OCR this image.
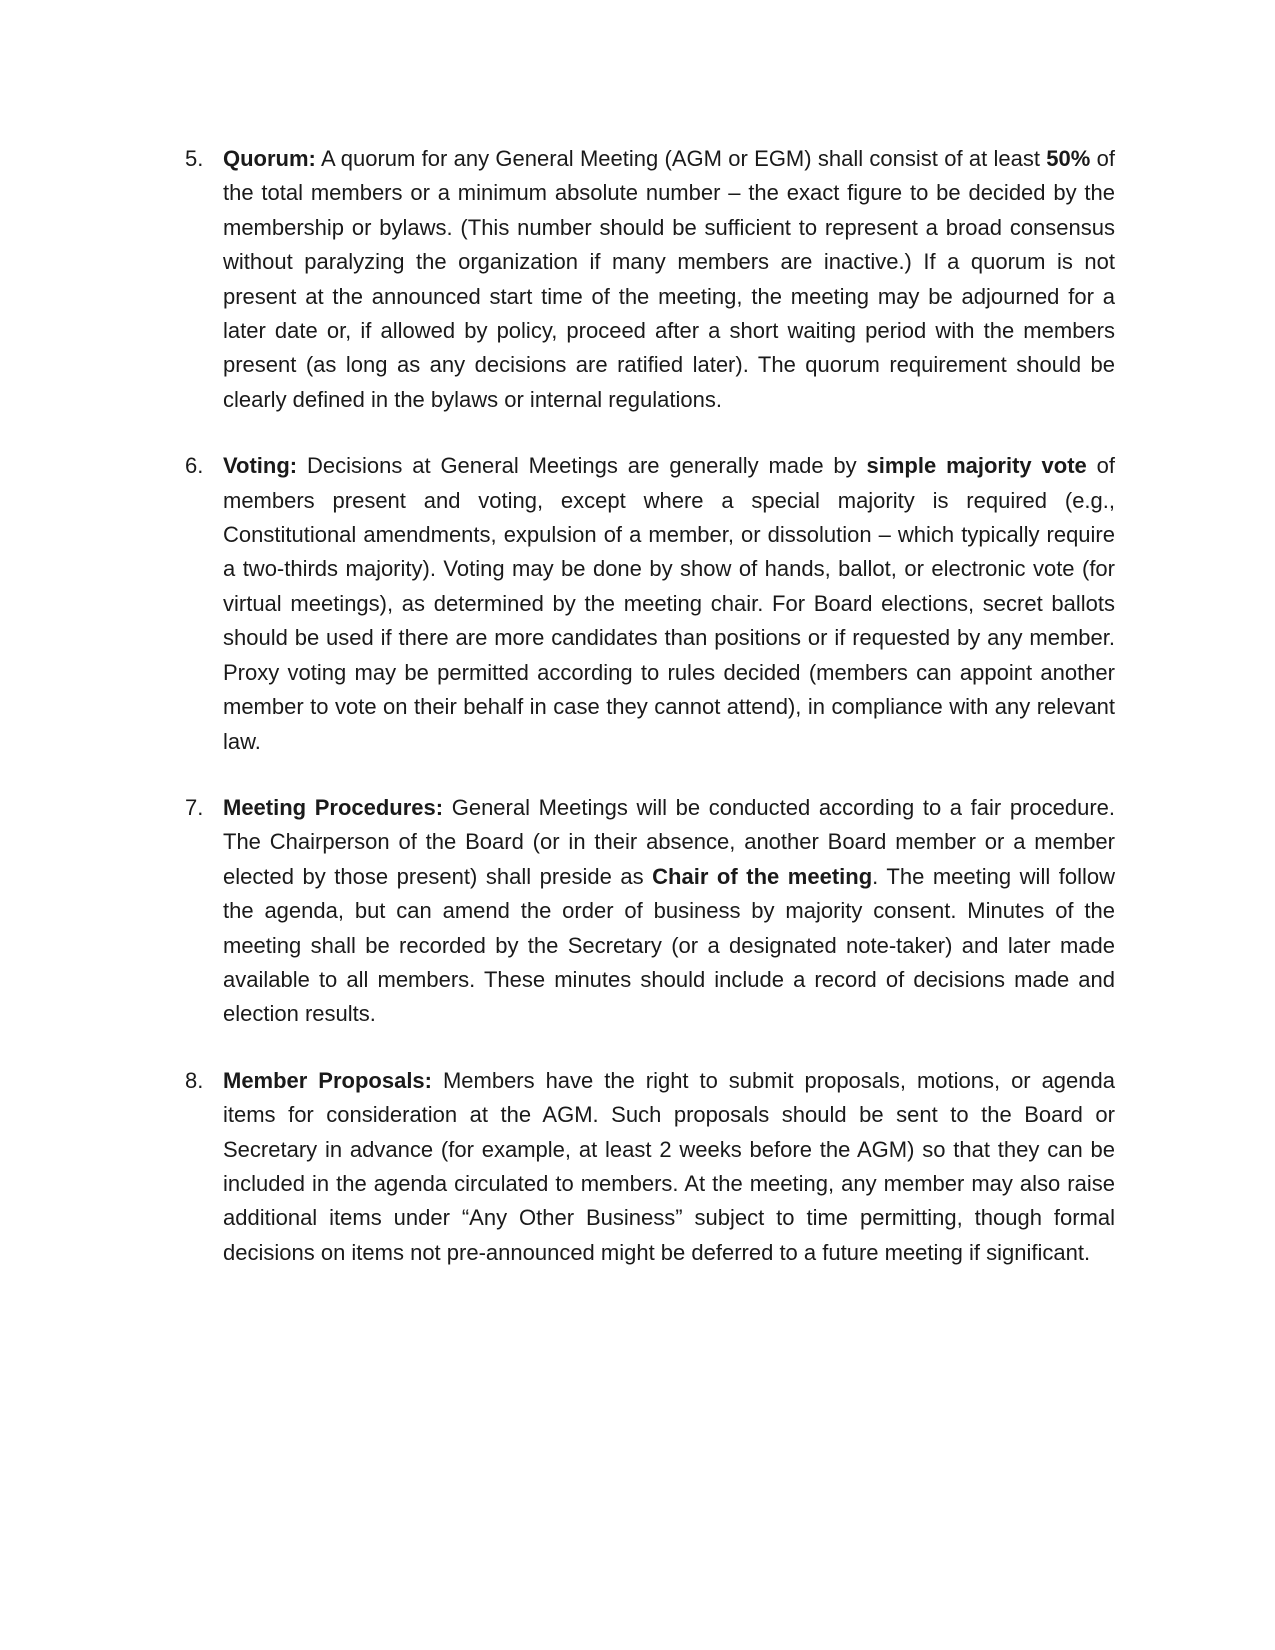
5. Quorum: A quorum for any General Meeting (AGM or EGM) shall consist of at least 50% of the total members or a minimum absolute number – the exact figure to be decided by the membership or bylaws. (This number should be sufficient to represent a broad consensus without paralyzing the organization if many members are inactive.) If a quorum is not present at the announced start time of the meeting, the meeting may be adjourned for a later date or, if allowed by policy, proceed after a short waiting period with the members present (as long as any decisions are ratified later). The quorum requirement should be clearly defined in the bylaws or internal regulations.
6. Voting: Decisions at General Meetings are generally made by simple majority vote of members present and voting, except where a special majority is required (e.g., Constitutional amendments, expulsion of a member, or dissolution – which typically require a two-thirds majority). Voting may be done by show of hands, ballot, or electronic vote (for virtual meetings), as determined by the meeting chair. For Board elections, secret ballots should be used if there are more candidates than positions or if requested by any member. Proxy voting may be permitted according to rules decided (members can appoint another member to vote on their behalf in case they cannot attend), in compliance with any relevant law.
7. Meeting Procedures: General Meetings will be conducted according to a fair procedure. The Chairperson of the Board (or in their absence, another Board member or a member elected by those present) shall preside as Chair of the meeting. The meeting will follow the agenda, but can amend the order of business by majority consent. Minutes of the meeting shall be recorded by the Secretary (or a designated note-taker) and later made available to all members. These minutes should include a record of decisions made and election results.
8. Member Proposals: Members have the right to submit proposals, motions, or agenda items for consideration at the AGM. Such proposals should be sent to the Board or Secretary in advance (for example, at least 2 weeks before the AGM) so that they can be included in the agenda circulated to members. At the meeting, any member may also raise additional items under “Any Other Business” subject to time permitting, though formal decisions on items not pre-announced might be deferred to a future meeting if significant.
